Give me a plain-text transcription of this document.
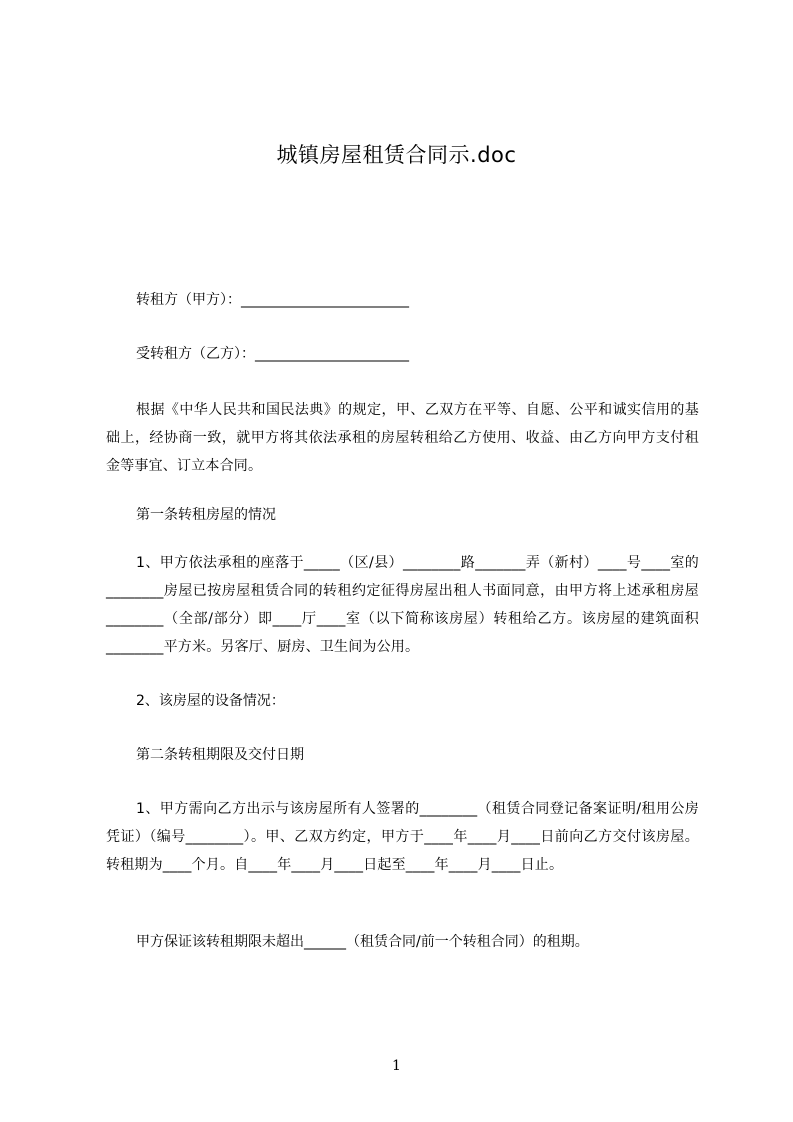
城镇房屋租赁合同示.doc
转租方（甲方）：________________________
受转租方（乙方）：______________________
根据《中华人民共和国民法典》的规定，甲、乙双方在平等、自愿、公平和诚实信用的基础上，经协商一致，就甲方将其依法承租的房屋转租给乙方使用、收益、由乙方向甲方支付租金等事宜、订立本合同。
第一条转租房屋的情况
1、甲方依法承租的座落于_____（区/县）________路_______弄（新村）____号____室的________房屋已按房屋租赁合同的转租约定征得房屋出租人书面同意，由甲方将上述承租房屋________（全部/部分）即____厅____室（以下简称该房屋）转租给乙方。该房屋的建筑面积________平方米。另客厅、厨房、卫生间为公用。
2、该房屋的设备情况：
第二条转租期限及交付日期
1、甲方需向乙方出示与该房屋所有人签署的________（租赁合同登记备案证明/租用公房凭证）（编号________）。甲、乙双方约定，甲方于____年____月____日前向乙方交付该房屋。转租期为____个月。自____年____月____日起至____年____月____日止。
甲方保证该转租期限未超出______（租赁合同/前一个转租合同）的租期。
1
